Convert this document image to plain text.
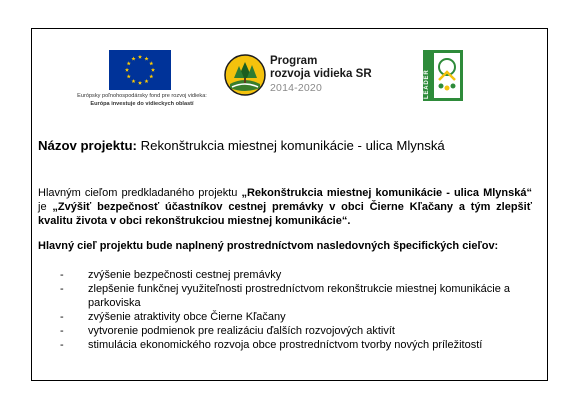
Európsky poľnohospodársky fond pre rozvoj vidieka:
Európa investuje do vidieckych oblastí
Program
rozvoja vidieka SR
2014-2020	LEADER
Názov projektu: Rekonštrukcia miestnej komunikácie - ulica Mlynská
Hlavným cieľom predkladaného projektu „Rekonštrukcia miestnej komunikácie - ulica Mlynská“ je „Zvýšiť bezpečnosť účastníkov cestnej premávky v obci Čierne Kľačany a tým zlepšiť kvalitu života v obci rekonštrukciou miestnej komunikácie“.
Hlavný cieľ projektu bude naplnený prostredníctvom nasledovných špecifických cieľov:
- zvýšenie bezpečnosti cestnej premávky
- zlepšenie funkčnej využiteľnosti prostredníctvom rekonštrukcie miestnej komunikácie a parkoviska
- zvýšenie atraktivity obce Čierne Kľačany
- vytvorenie podmienok pre realizáciu ďalších rozvojových aktivít
- stimulácia ekonomického rozvoja obce prostredníctvom tvorby nových príležitostí
